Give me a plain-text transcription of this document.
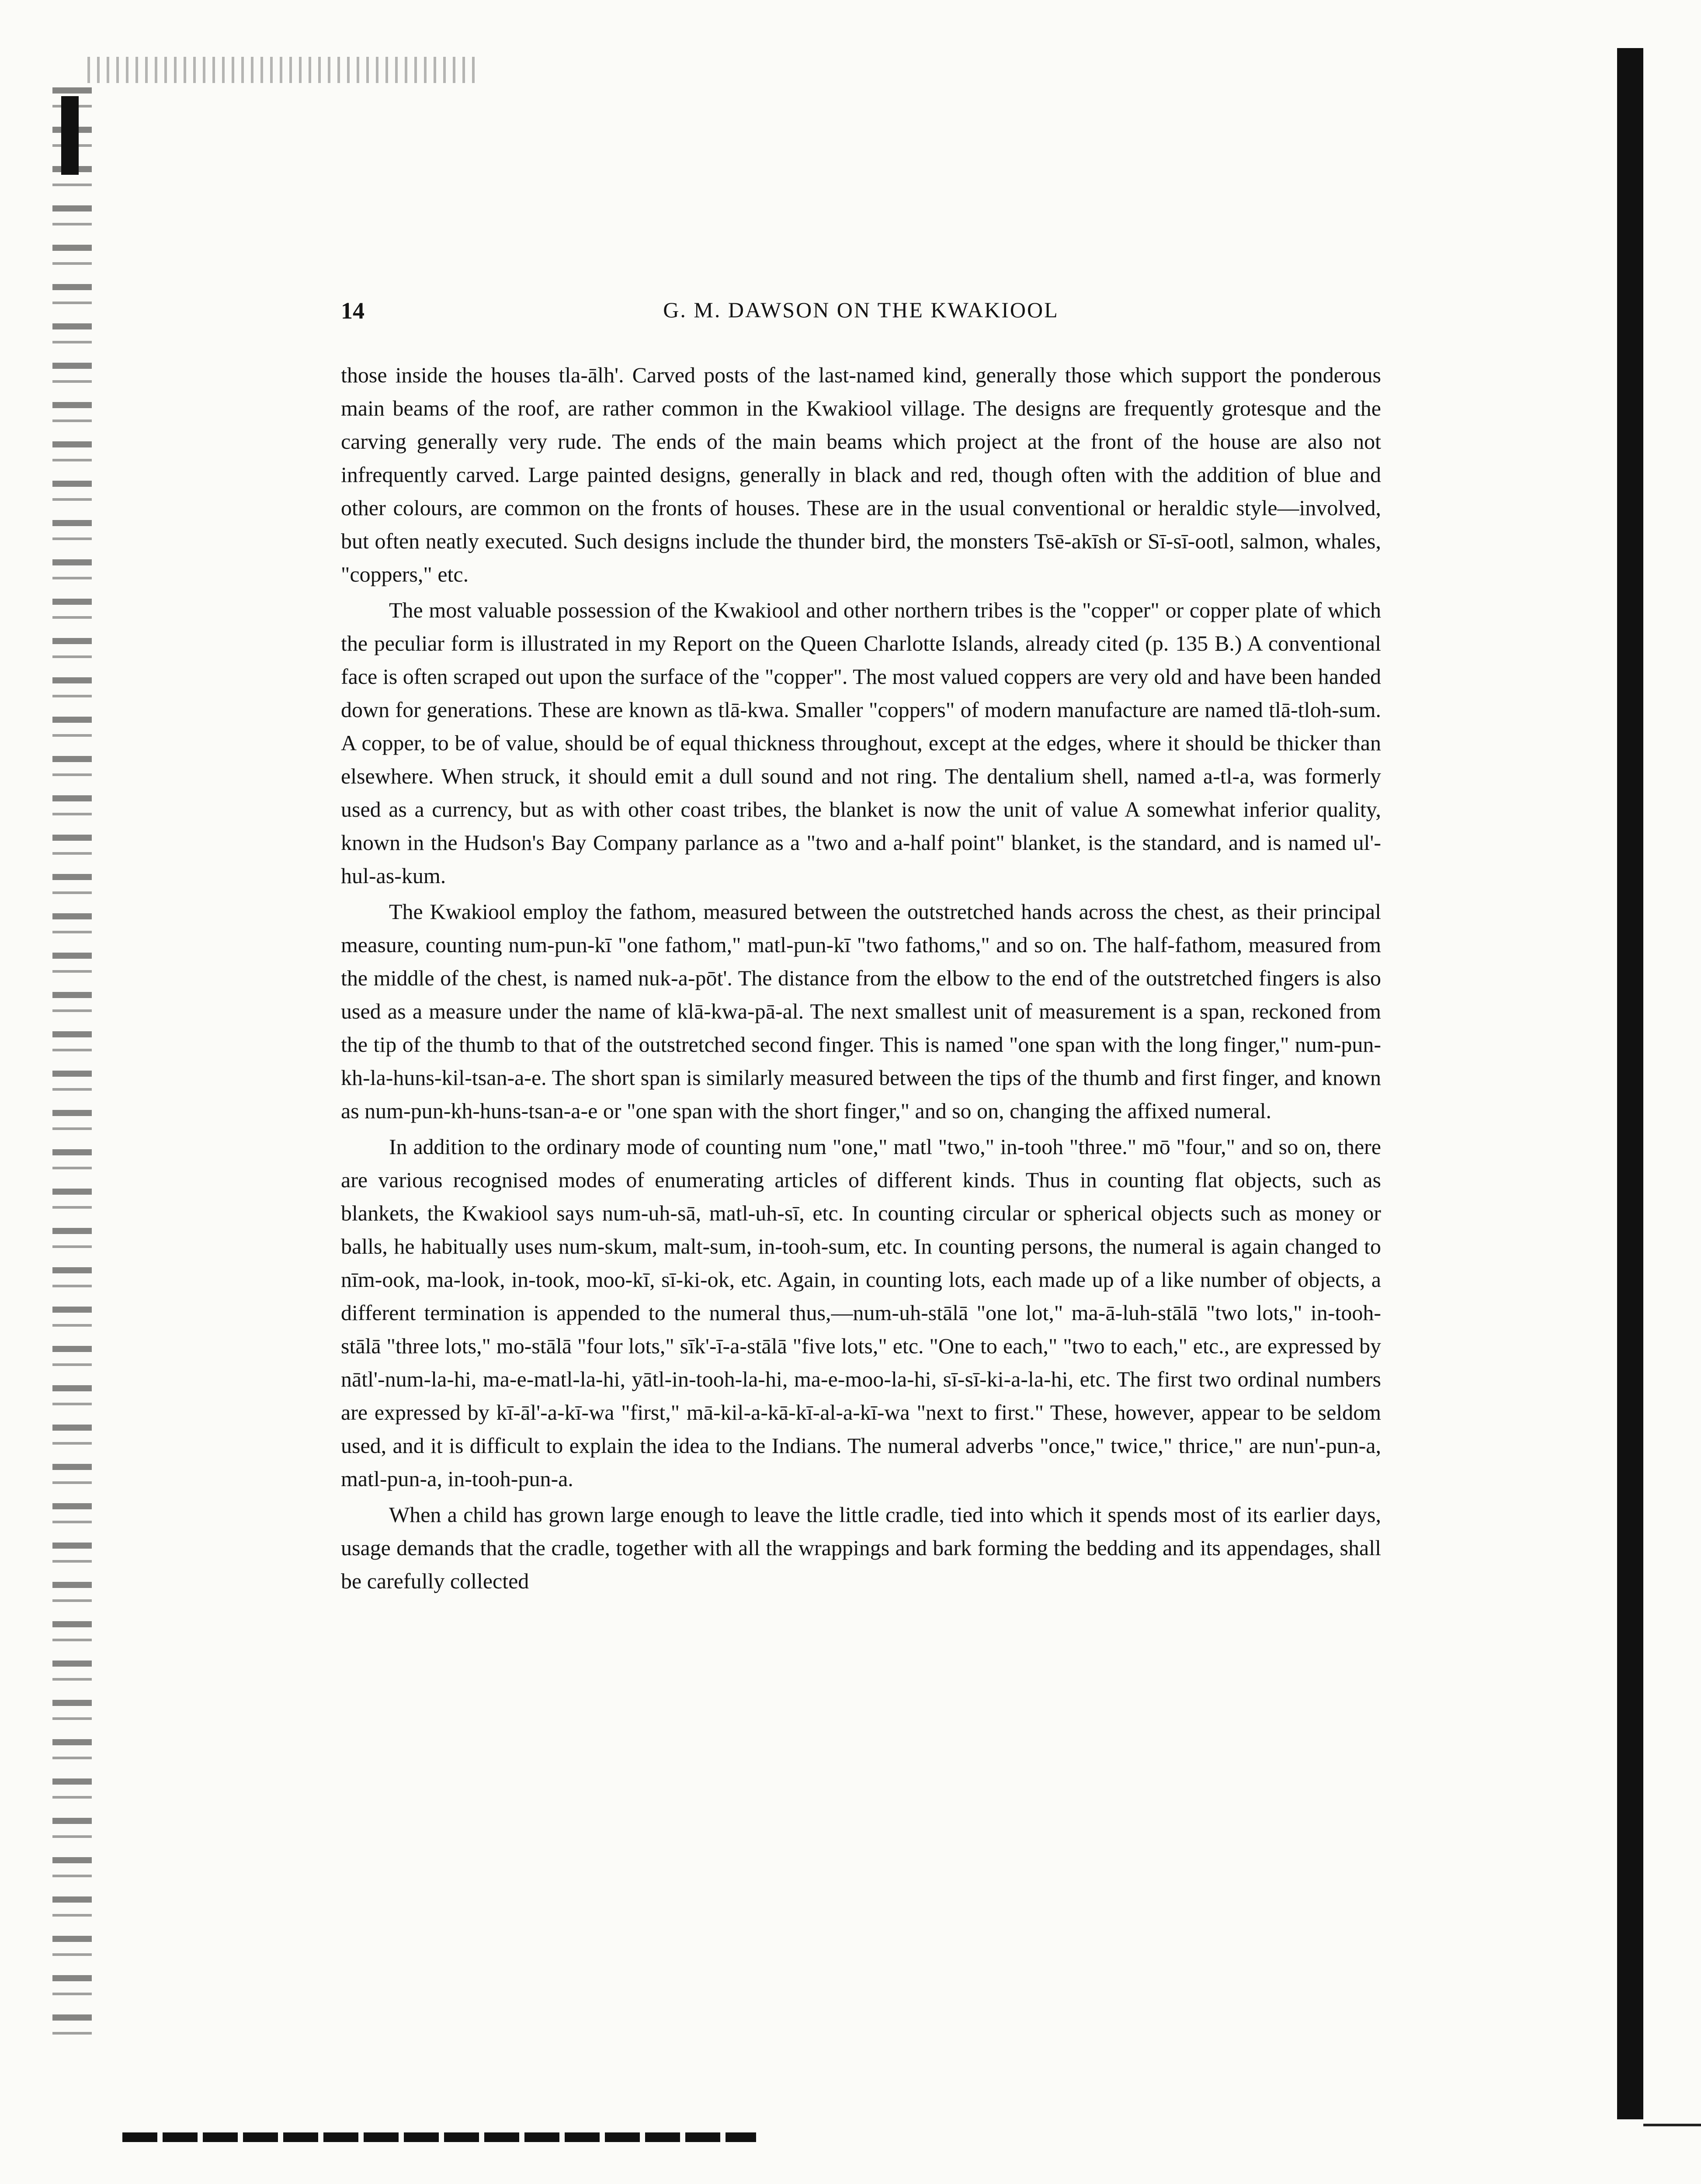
14	G. M. DAWSON ON THE KWAKIOOL

those inside the houses tla-ālh'. Carved posts of the last-named kind, generally those which support the ponderous main beams of the roof, are rather common in the Kwakiool village. The designs are frequently grotesque and the carving generally very rude. The ends of the main beams which project at the front of the house are also not infrequently carved. Large painted designs, generally in black and red, though often with the addition of blue and other colours, are common on the fronts of houses. These are in the usual conventional or heraldic style—involved, but often neatly executed. Such designs include the thunder bird, the monsters Tsē-akīsh or Sī-sī-ootl, salmon, whales, "coppers," etc.

The most valuable possession of the Kwakiool and other northern tribes is the "copper" or copper plate of which the peculiar form is illustrated in my Report on the Queen Charlotte Islands, already cited (p. 135 B.) A conventional face is often scraped out upon the surface of the "copper". The most valued coppers are very old and have been handed down for generations. These are known as tlā-kwa. Smaller "coppers" of modern manufacture are named tlā-tloh-sum. A copper, to be of value, should be of equal thickness throughout, except at the edges, where it should be thicker than elsewhere. When struck, it should emit a dull sound and not ring. The dentalium shell, named a-tl-a, was formerly used as a currency, but as with other coast tribes, the blanket is now the unit of value A somewhat inferior quality, known in the Hudson's Bay Company parlance as a "two and a-half point" blanket, is the standard, and is named ul'-hul-as-kum.

The Kwakiool employ the fathom, measured between the outstretched hands across the chest, as their principal measure, counting num-pun-kī "one fathom," matl-pun-kī "two fathoms," and so on. The half-fathom, measured from the middle of the chest, is named nuk-a-pōt'. The distance from the elbow to the end of the outstretched fingers is also used as a measure under the name of klā-kwa-pā-al. The next smallest unit of measurement is a span, reckoned from the tip of the thumb to that of the outstretched second finger. This is named "one span with the long finger," num-pun-kh-la-huns-kil-tsan-a-e. The short span is similarly measured between the tips of the thumb and first finger, and known as num-pun-kh-huns-tsan-a-e or "one span with the short finger," and so on, changing the affixed numeral.

In addition to the ordinary mode of counting num "one," matl "two," in-tooh "three." mō "four," and so on, there are various recognised modes of enumerating articles of different kinds. Thus in counting flat objects, such as blankets, the Kwakiool says num-uh-sā, matl-uh-sī, etc. In counting circular or spherical objects such as money or balls, he habitually uses num-skum, malt-sum, in-tooh-sum, etc. In counting persons, the numeral is again changed to nīm-ook, ma-look, in-took, moo-kī, sī-ki-ok, etc. Again, in counting lots, each made up of a like number of objects, a different termination is appended to the numeral thus,—num-uh-stālā "one lot," ma-ā-luh-stālā "two lots," in-tooh-stālā "three lots," mo-stālā "four lots," sīk'-ī-a-stālā "five lots," etc. "One to each," "two to each," etc., are expressed by nātl'-num-la-hi, ma-e-matl-la-hi, yātl-in-tooh-la-hi, ma-e-moo-la-hi, sī-sī-ki-a-la-hi, etc. The first two ordinal numbers are expressed by kī-āl'-a-kī-wa "first," mā-kil-a-kā-kī-al-a-kī-wa "next to first." These, however, appear to be seldom used, and it is difficult to explain the idea to the Indians. The numeral adverbs "once," twice," thrice," are nun'-pun-a, matl-pun-a, in-tooh-pun-a.

When a child has grown large enough to leave the little cradle, tied into which it spends most of its earlier days, usage demands that the cradle, together with all the wrappings and bark forming the bedding and its appendages, shall be carefully collected
